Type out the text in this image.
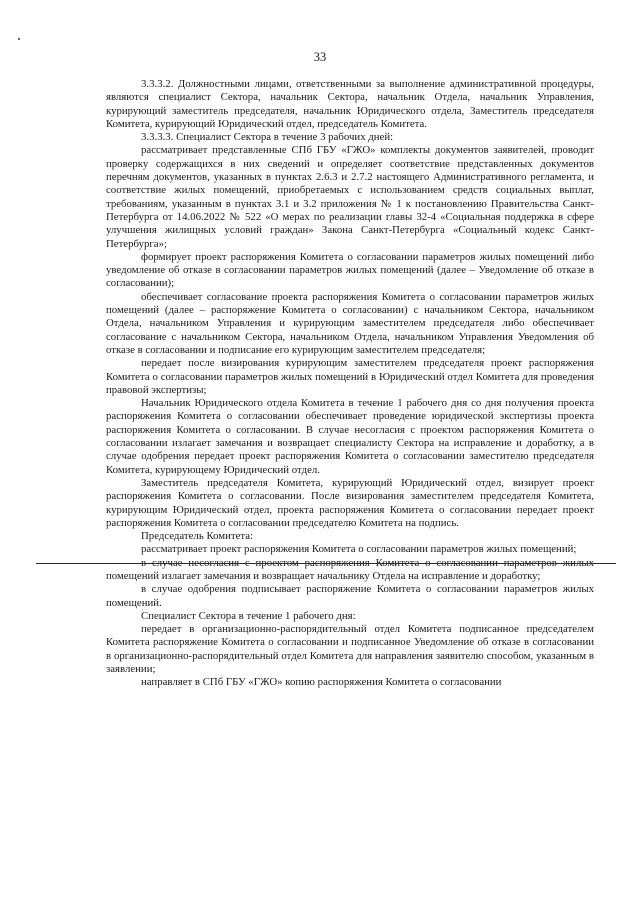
33

3.3.3.2. Должностными лицами, ответственными за выполнение административной процедуры, являются специалист Сектора, начальник Сектора, начальник Отдела, начальник Управления, курирующий заместитель председателя, начальник Юридического отдела, Заместитель председателя Комитета, курирующий Юридический отдел, председатель Комитета.

3.3.3.3. Специалист Сектора в течение 3 рабочих дней:

рассматривает представленные СПб ГБУ «ГЖО» комплекты документов заявителей, проводит проверку содержащихся в них сведений и определяет соответствие представленных документов перечням документов, указанных в пунктах 2.6.3 и 2.7.2 настоящего Административного регламента, и соответствие жилых помещений, приобретаемых с использованием средств социальных выплат, требованиям, указанным в пунктах 3.1 и 3.2 приложения № 1 к постановлению Правительства Санкт-Петербурга от 14.06.2022 № 522 «О мерах по реализации главы 32-4 «Социальная поддержка в сфере улучшения жилищных условий граждан» Закона Санкт-Петербурга «Социальный кодекс Санкт-Петербурга»;

формирует проект распоряжения Комитета о согласовании параметров жилых помещений либо уведомление об отказе в согласовании параметров жилых помещений (далее – Уведомление об отказе в согласовании);

обеспечивает согласование проекта распоряжения Комитета о согласовании параметров жилых помещений (далее – распоряжение Комитета о согласовании) с начальником Сектора, начальником Отдела, начальником Управления и курирующим заместителем председателя либо обеспечивает согласование с начальником Сектора, начальником Отдела, начальником Управления Уведомления об отказе в согласовании и подписание его курирующим заместителем председателя;

передает после визирования курирующим заместителем председателя проект распоряжения Комитета о согласовании параметров жилых помещений в Юридический отдел Комитета для проведения правовой экспертизы;

Начальник Юридического отдела Комитета в течение 1 рабочего дня со дня получения проекта распоряжения Комитета о согласовании обеспечивает проведение юридической экспертизы проекта распоряжения Комитета о согласовании. В случае несогласия с проектом распоряжения Комитета о согласовании излагает замечания и возвращает специалисту Сектора на исправление и доработку, а в случае одобрения передает проект распоряжения Комитета о согласовании заместителю председателя Комитета, курирующему Юридический отдел.

Заместитель председателя Комитета, курирующий Юридический отдел, визирует проект распоряжения Комитета о согласовании. После визирования заместителем председателя Комитета, курирующим Юридический отдел, проекта распоряжения Комитета о согласовании передает проект распоряжения Комитета о согласовании председателю Комитета на подпись.

Председатель Комитета:

рассматривает проект распоряжения Комитета о согласовании параметров жилых помещений;

в случае несогласия с проектом распоряжения Комитета о согласовании параметров жилых помещений излагает замечания и возвращает начальнику Отдела на исправление и доработку;

в случае одобрения подписывает распоряжение Комитета о согласовании параметров жилых помещений.

Специалист Сектора в течение 1 рабочего дня:

передает в организационно-распорядительный отдел Комитета подписанное председателем Комитета распоряжение Комитета о согласовании и подписанное Уведомление об отказе в согласовании в организационно-распорядительный отдел Комитета для направления заявителю способом, указанным в заявлении;

направляет в СПб ГБУ «ГЖО» копию распоряжения Комитета о согласовании
